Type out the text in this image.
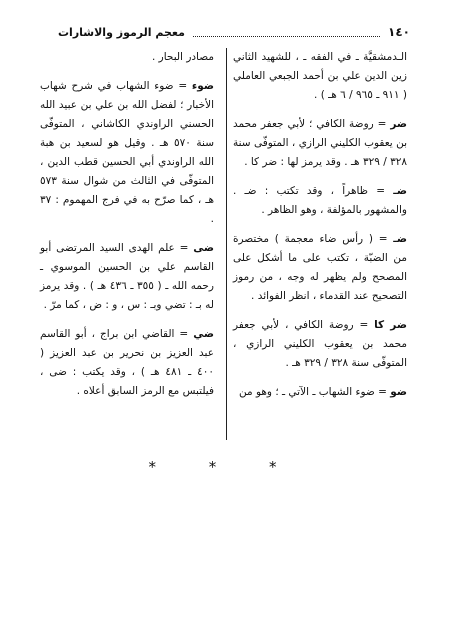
١٤٠
معجم الرموز والاشارات

الـدمشقيَّة ـ في الفقه ـ ، للشهيد الثاني زين الدين علي بن أحمد الجبعي العاملي ( ٩١١ ـ ٩٦٥ / ٦ هـ ) .

ضر = روضة الكافي ؛ لأبي جعفر محمد بن يعقوب الكليني الرازي ، المتوفّى سنة ٣٢٨ / ٣٢٩ هـ . وقد يرمز لها : ضر كا .

ضـ = ظاهراً ، وقد تكتب : ضـ . والمشهور بالمؤلفة ، وهو الظاهر .

ضـ = ( رأس ضاء معجمة ) مختصرة من الضبّة ، تكتب على ما أشكل على المصحح ولم يظهر له وجه ، من رموز التصحيح عند القدماء ، انظر الفوائد .

ضر كا = روضة الكافي ، لأبي جعفر محمد بن يعقوب الكليني الرازي ، المتوفّى سنة ٣٢٨ / ٣٢٩ هـ .

ضو = ضوء الشهاب ـ الآتي ـ ؛ وهو من

مصادر البحار .

ضوء = ضوء الشهاب في شرح شهاب الأخبار ؛ لفضل الله بن علي بن عبيد الله الحسني الراوندي الكاشاني ، المتوفّى سنة ٥٧٠ هـ . وقيل هو لسعيد بن هبة الله الراوندي أبي الحسين قطب الدين ، المتوفّى في الثالث من شوال سنة ٥٧٣ هـ ، كما صرّح به في فرج المهموم : ٣٧ .

ضى = علم الهدى السيد المرتضى أبو القاسم علي بن الحسين الموسوي ـ رحمه الله ـ ( ٣٥٥ ـ ٤٣٦ هـ ) . وقد يرمز له بـ : تضي وبـ : س ، و : ض ، كما مرّ .

ضي = القاضي ابن براج ، أبو القاسم عبد العزيز بن نحرير بن عبد العزيز ( ٤٠٠ ـ ٤٨١ هـ ) ، وقد يكتب : ضى ، فيلتبس مع الرمز السابق أعلاه .

* * *
